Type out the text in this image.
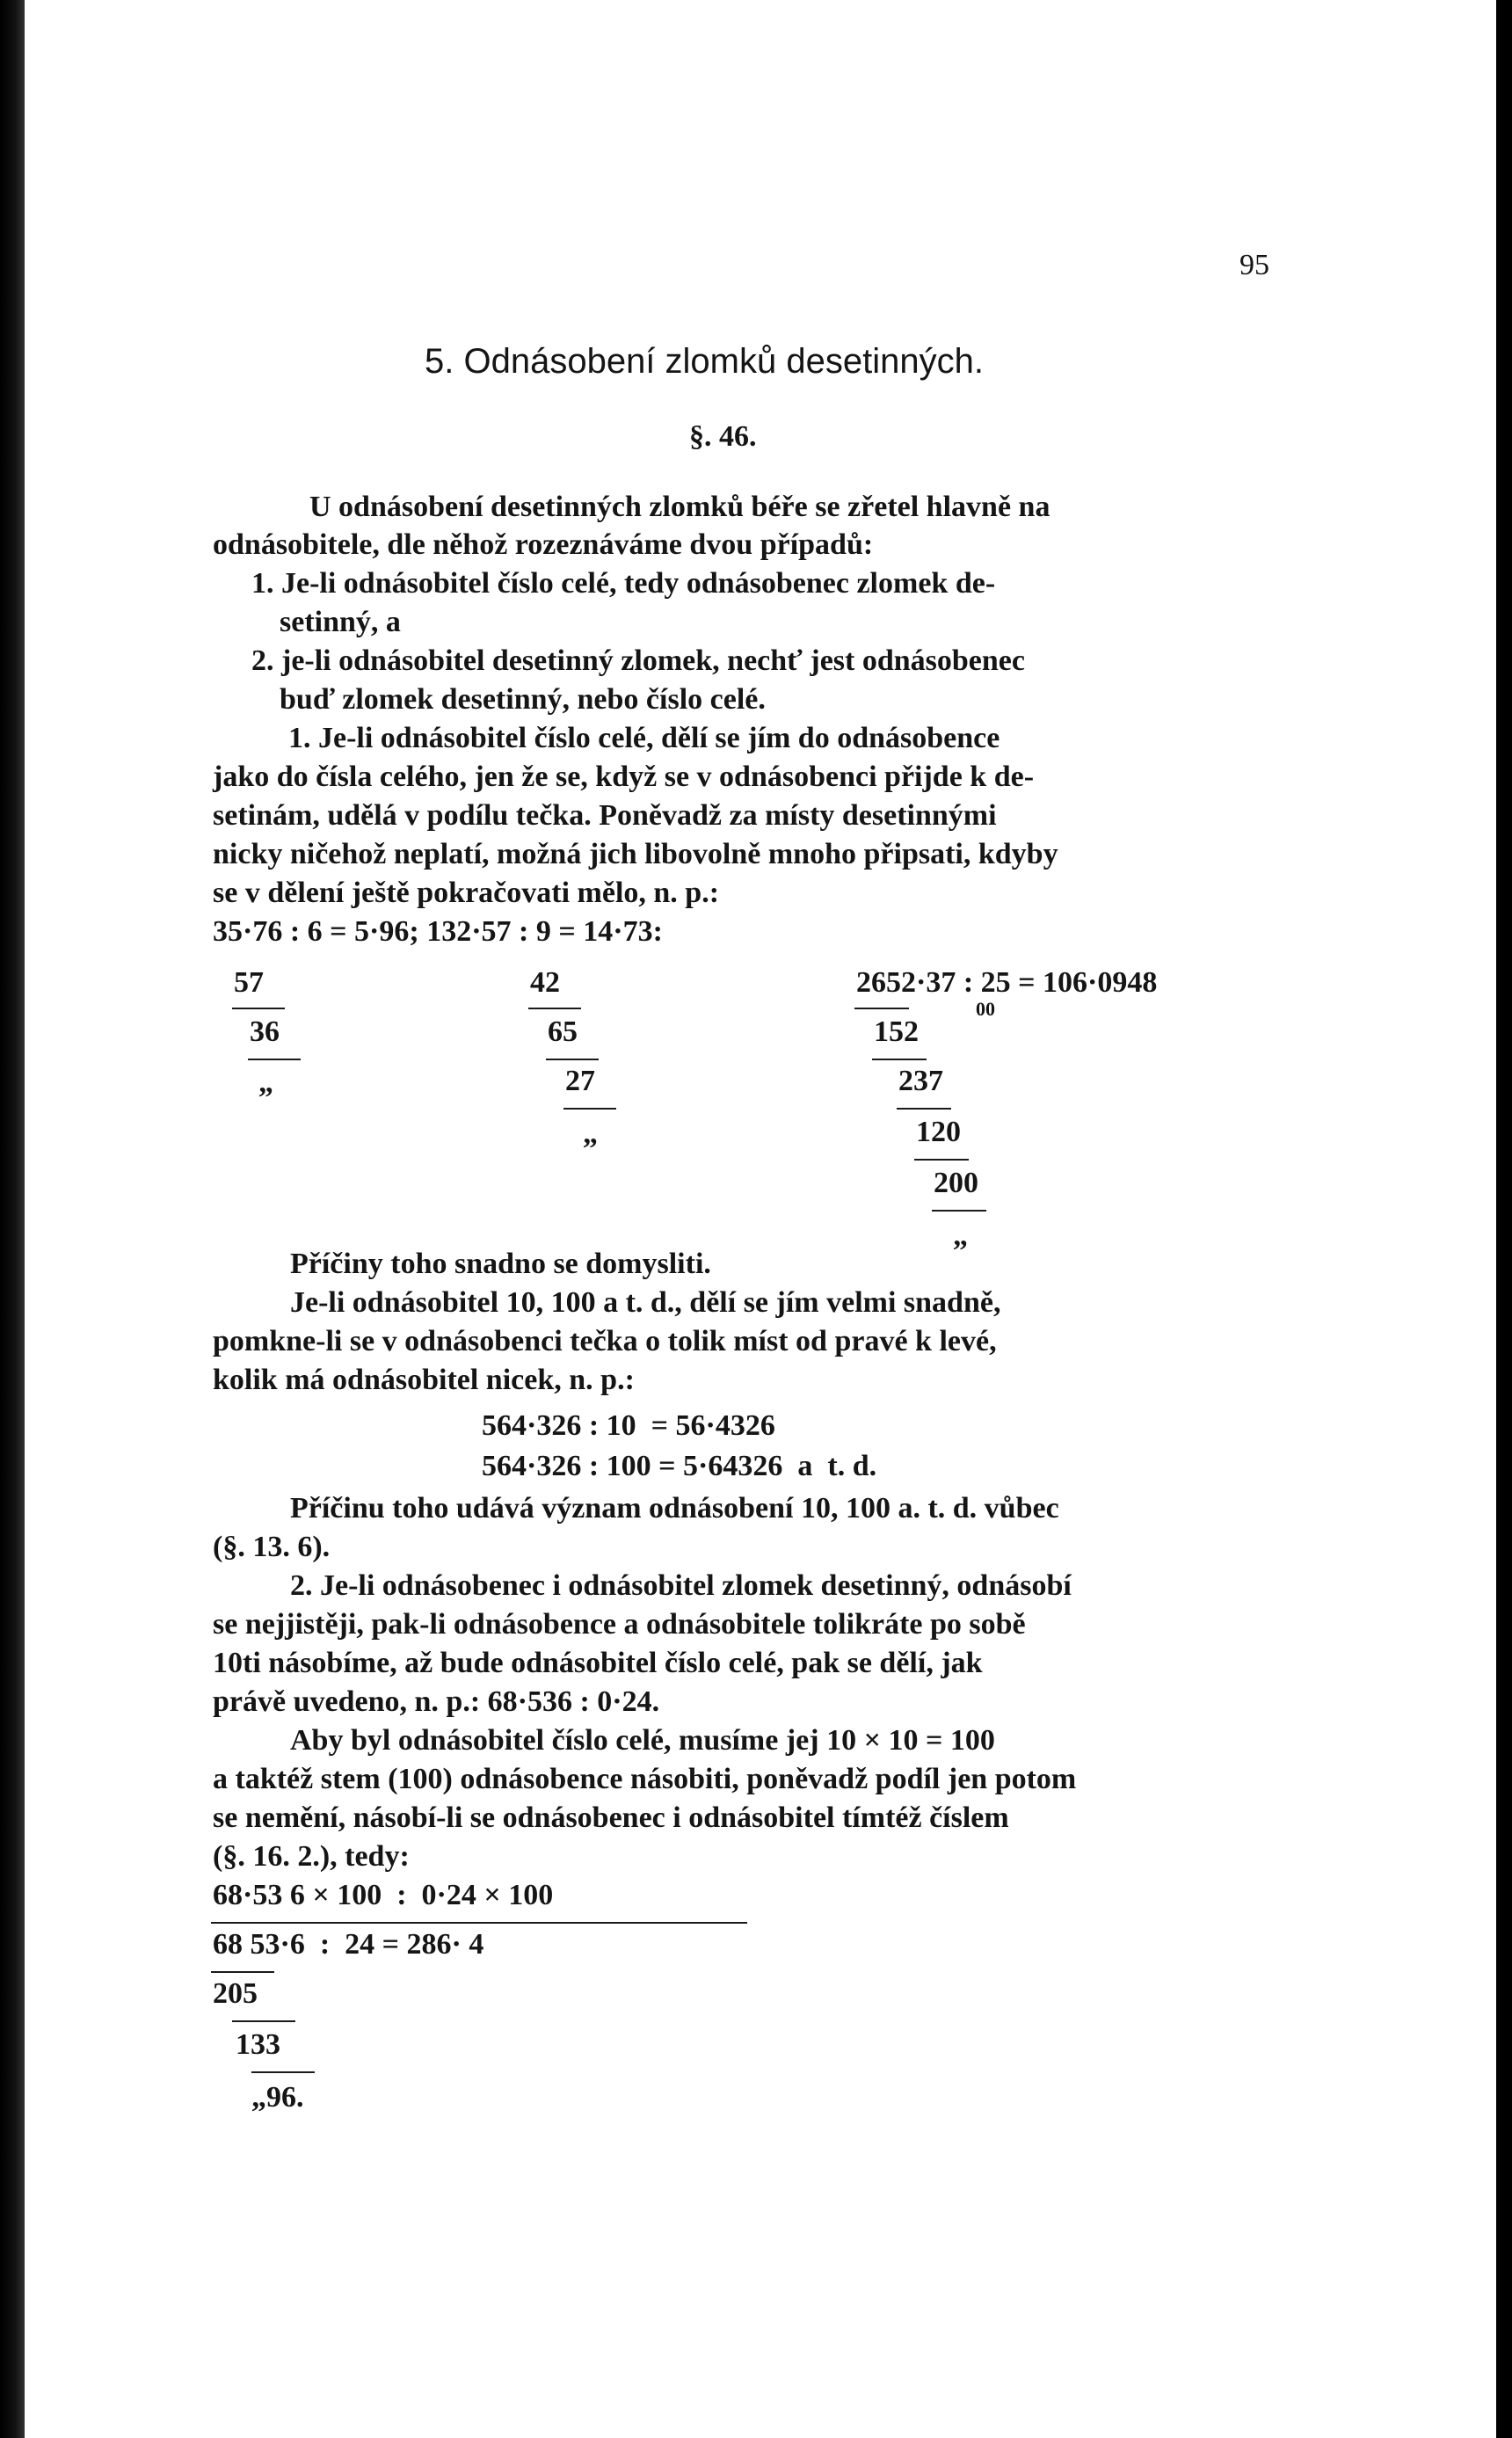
95
5. Odnásobení zlomků desetinných.
§. 46.
U odnásobení desetinných zlomků béře se zřetel hlavně na
odnásobitele, dle něhož rozeznáváme dvou případů:
1. Je-li odnásobitel číslo celé, tedy odnásobenec zlomek de-
setinný, a
2. je-li odnásobitel desetinný zlomek, nechť jest odnásobenec
buď zlomek desetinný, nebo číslo celé.
1. Je-li odnásobitel číslo celé, dělí se jím do odnásobence
jako do čísla celého, jen že se, když se v odnásobenci přijde k de-
setinám, udělá v podílu tečka. Poněvadž za místy desetinnými
nicky ničehož neplatí, možná jich libovolně mnoho připsati, kdyby
se v dělení ještě pokračovati mělo, n. p.:
35·76 : 6 = 5·96; 132·57 : 9 = 14·73:
57
36
„
42
65
27
„
2652·37 : 25 = 106·0948
00
152
237
120
200
„
Příčiny toho snadno se domysliti.
Je-li odnásobitel 10, 100 a t. d., dělí se jím velmi snadně,
pomkne-li se v odnásobenci tečka o tolik míst od pravé k levé,
kolik má odnásobitel nicek, n. p.:
564·326 : 10  = 56·4326
564·326 : 100 = 5·64326  a  t. d.
Příčinu toho udává význam odnásobení 10, 100 a. t. d. vůbec
(§. 13. 6).
2. Je-li odnásobenec i odnásobitel zlomek desetinný, odnásobí
se nejjistěji, pak-li odnásobence a odnásobitele tolikráte po sobě
10ti násobíme, až bude odnásobitel číslo celé, pak se dělí, jak
právě uvedeno, n. p.: 68·536 : 0·24.
Aby byl odnásobitel číslo celé, musíme jej 10 × 10 = 100
a taktéž stem (100) odnásobence násobiti, poněvadž podíl jen potom
se nemění, násobí-li se odnásobenec i odnásobitel tímtéž číslem
(§. 16. 2.), tedy:
68·53 6 × 100  :  0·24 × 100
68 53·6  :  24 = 286· 4
205
133
„96.
